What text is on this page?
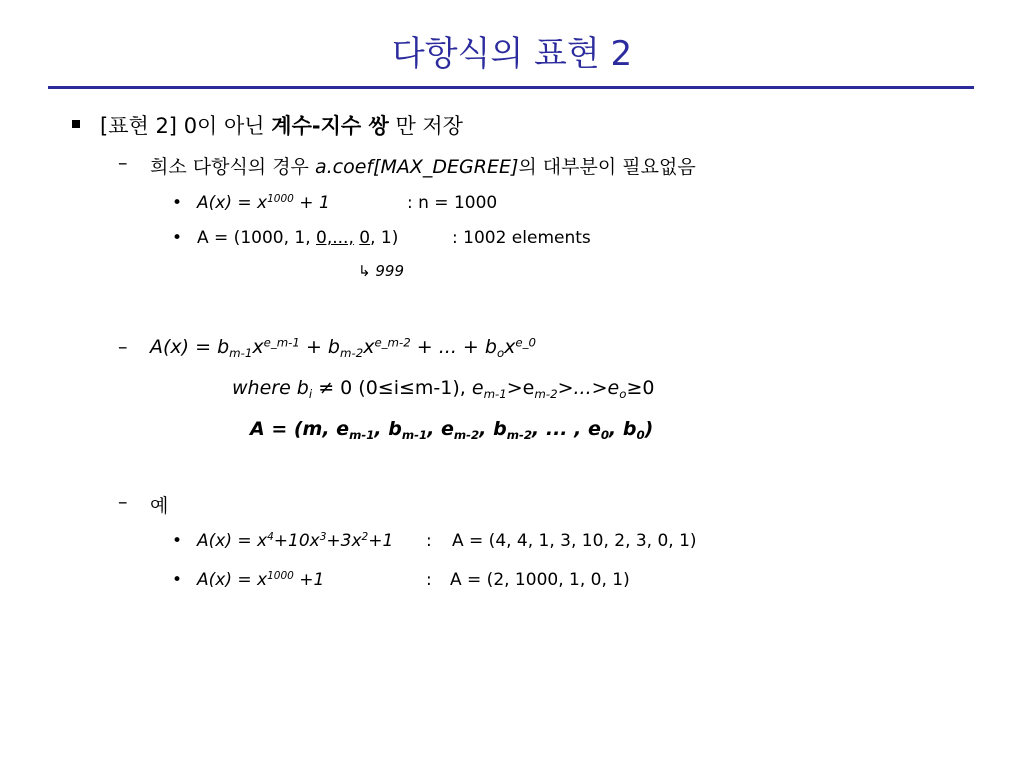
다항식의 표현 2
[표현 2] 0이 아닌 계수-지수 쌍 만 저장
– 희소 다항식의 경우 a.coef[MAX_DEGREE]의 대부분이 필요없음
• $A(x) = x^{1000} + 1$	: n = 1000
• A = (1000, 1, 0,..., 0, 1)	: 1002 elements
↳ 999
– $A(x) = b_{m-1}x^{e\_m-1} + b_{m-2}x^{e\_m-2}$ + ... + $b_ox^{e\_0}$
where $b_i \ne 0$ (0≤i≤m-1), $e_{m-1}>e_{m-2}>...>e_o\ge 0$
A = (m, $e_{m-1}$, $b_{m-1}$, $e_{m-2}$, $b_{m-2}$, ... , $e_0$, $b_0$)
– 예
• $A(x) = x^4+10x^3+3x^2+1$ : A = (4, 4, 1, 3, 10, 2, 3, 0, 1)
• $A(x) = x^{1000} +1$	: A = (2, 1000, 1, 0, 1)
